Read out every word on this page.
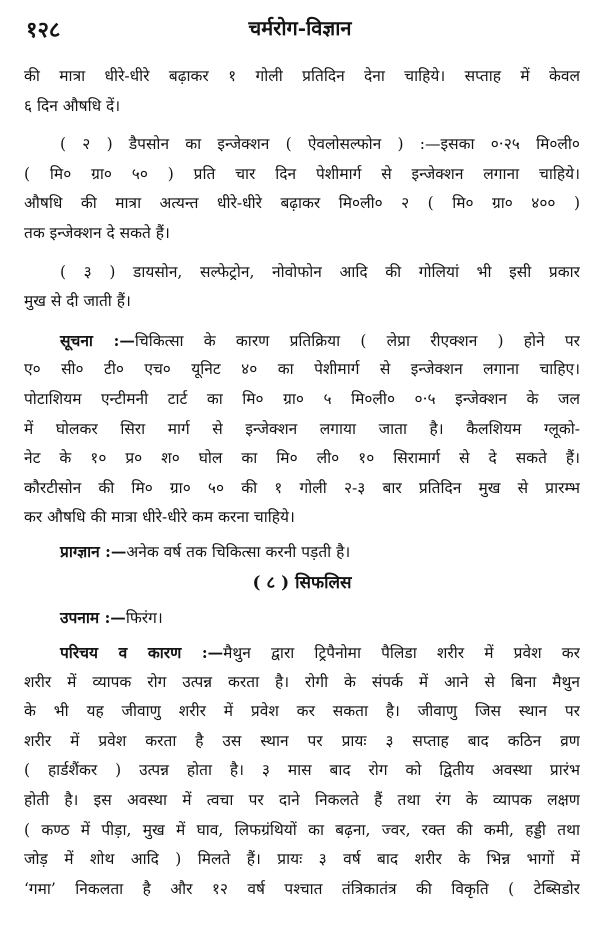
१२८	चर्मरोग-विज्ञान
की मात्रा धीरे-धीरे बढ़ाकर १ गोली प्रतिदिन देना चाहिये। सप्ताह में केवल
६ दिन औषधि दें।
( २ ) डैपसोन का इन्जेक्शन ( ऐवलोसल्फोन ) :—इसका ०·२५ मि०ली०
( मि० ग्रा० ५० ) प्रति चार दिन पेशीमार्ग से इन्जेक्शन लगाना चाहिये।
औषधि की मात्रा अत्यन्त धीरे-धीरे बढ़ाकर मि०ली० २ ( मि० ग्रा० ४०० )
तक इन्जेक्शन दे सकते हैं।
( ३ ) डायसोन, सल्फेट्रोन, नोवोफोन आदि की गोलियां भी इसी प्रकार
मुख से दी जाती हैं।
सूचना :—चिकित्सा के कारण प्रतिक्रिया ( लेप्रा रीएक्शन ) होने पर
ए० सी० टी० एच० यूनिट ४० का पेशीमार्ग से इन्जेक्शन लगाना चाहिए।
पोटाशियम एन्टीमनी टार्ट का मि० ग्रा० ५ मि०ली० ०·५ इन्जेक्शन के जल
में घोलकर सिरा मार्ग से इन्जेक्शन लगाया जाता है। कैलशियम ग्लूको-
नेट के १० प्र० श० घोल का मि० ली० १० सिरामार्ग से दे सकते हैं।
कौरटीसोन की मि० ग्रा० ५० की १ गोली २-३ बार प्रतिदिन मुख से प्रारम्भ
कर औषधि की मात्रा धीरे-धीरे कम करना चाहिये।
प्राग्ज्ञान :—अनेक वर्ष तक चिकित्सा करनी पड़ती है।
( ८ ) सिफलिस
उपनाम :—फिरंग।
परिचय व कारण :—मैथुन द्वारा ट्रिपैनोमा पैलिडा शरीर में प्रवेश कर
शरीर में व्यापक रोग उत्पन्न करता है। रोगी के संपर्क में आने से बिना मैथुन
के भी यह जीवाणु शरीर में प्रवेश कर सकता है। जीवाणु जिस स्थान पर
शरीर में प्रवेश करता है उस स्थान पर प्रायः ३ सप्ताह बाद कठिन व्रण
( हार्डशैंकर ) उत्पन्न होता है। ३ मास बाद रोग को द्वितीय अवस्था प्रारंभ
होती है। इस अवस्था में त्वचा पर दाने निकलते हैं तथा रंग के व्यापक लक्षण
( कण्ठ में पीड़ा, मुख में घाव, लिफग्रंथियों का बढ़ना, ज्वर, रक्त की कमी, हड्डी तथा
जोड़ में शोथ आदि ) मिलते हैं। प्रायः ३ वर्ष बाद शरीर के भिन्न भागों में
‘गमा’ निकलता है और १२ वर्ष पश्चात तंत्रिकातंत्र की विकृति ( टेब्सिडोर
